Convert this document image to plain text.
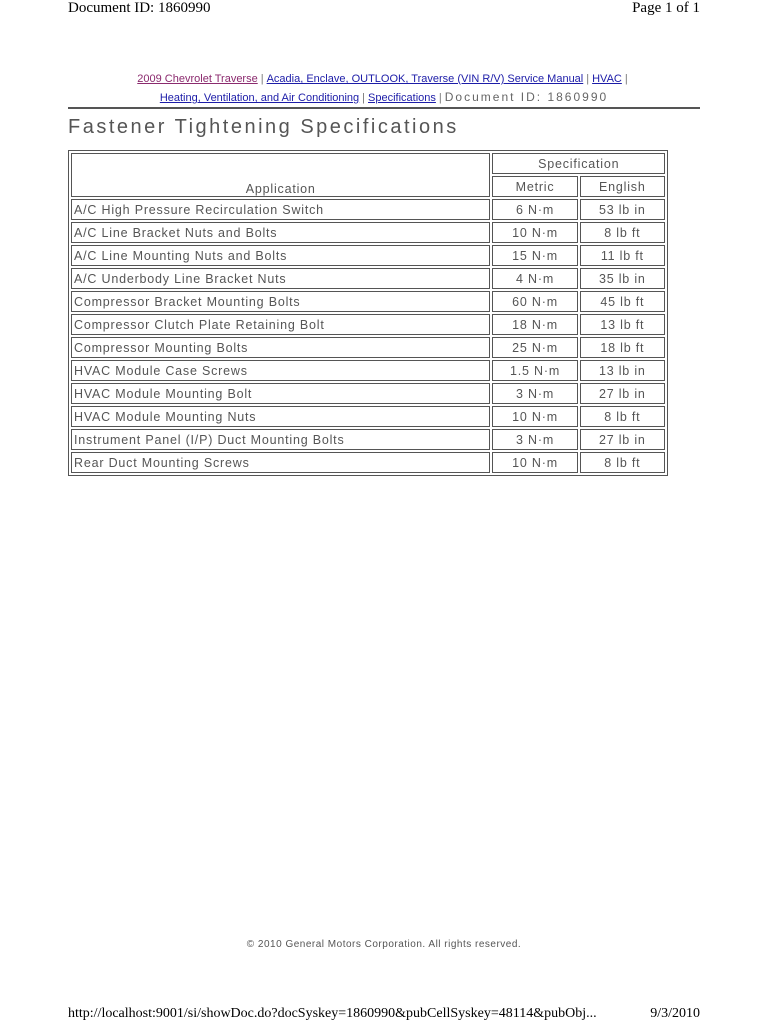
Document ID: 1860990	Page 1 of 1
2009 Chevrolet Traverse | Acadia, Enclave, OUTLOOK, Traverse (VIN R/V) Service Manual | HVAC |
Heating, Ventilation, and Air Conditioning | Specifications | Document ID: 1860990
Fastener Tightening Specifications
Application	Specification	
	Metric	English
A/C High Pressure Recirculation Switch	6 N·m	53 lb in
A/C Line Bracket Nuts and Bolts	10 N·m	8 lb ft
A/C Line Mounting Nuts and Bolts	15 N·m	11 lb ft
A/C Underbody Line Bracket Nuts	4 N·m	35 lb in
Compressor Bracket Mounting Bolts	60 N·m	45 lb ft
Compressor Clutch Plate Retaining Bolt	18 N·m	13 lb ft
Compressor Mounting Bolts	25 N·m	18 lb ft
HVAC Module Case Screws	1.5 N·m	13 lb in
HVAC Module Mounting Bolt	3 N·m	27 lb in
HVAC Module Mounting Nuts	10 N·m	8 lb ft
Instrument Panel (I/P) Duct Mounting Bolts	3 N·m	27 lb in
Rear Duct Mounting Screws	10 N·m	8 lb ft
© 2010 General Motors Corporation. All rights reserved.
http://localhost:9001/si/showDoc.do?docSyskey=1860990&pubCellSyskey=48114&pubObj...	9/3/2010
